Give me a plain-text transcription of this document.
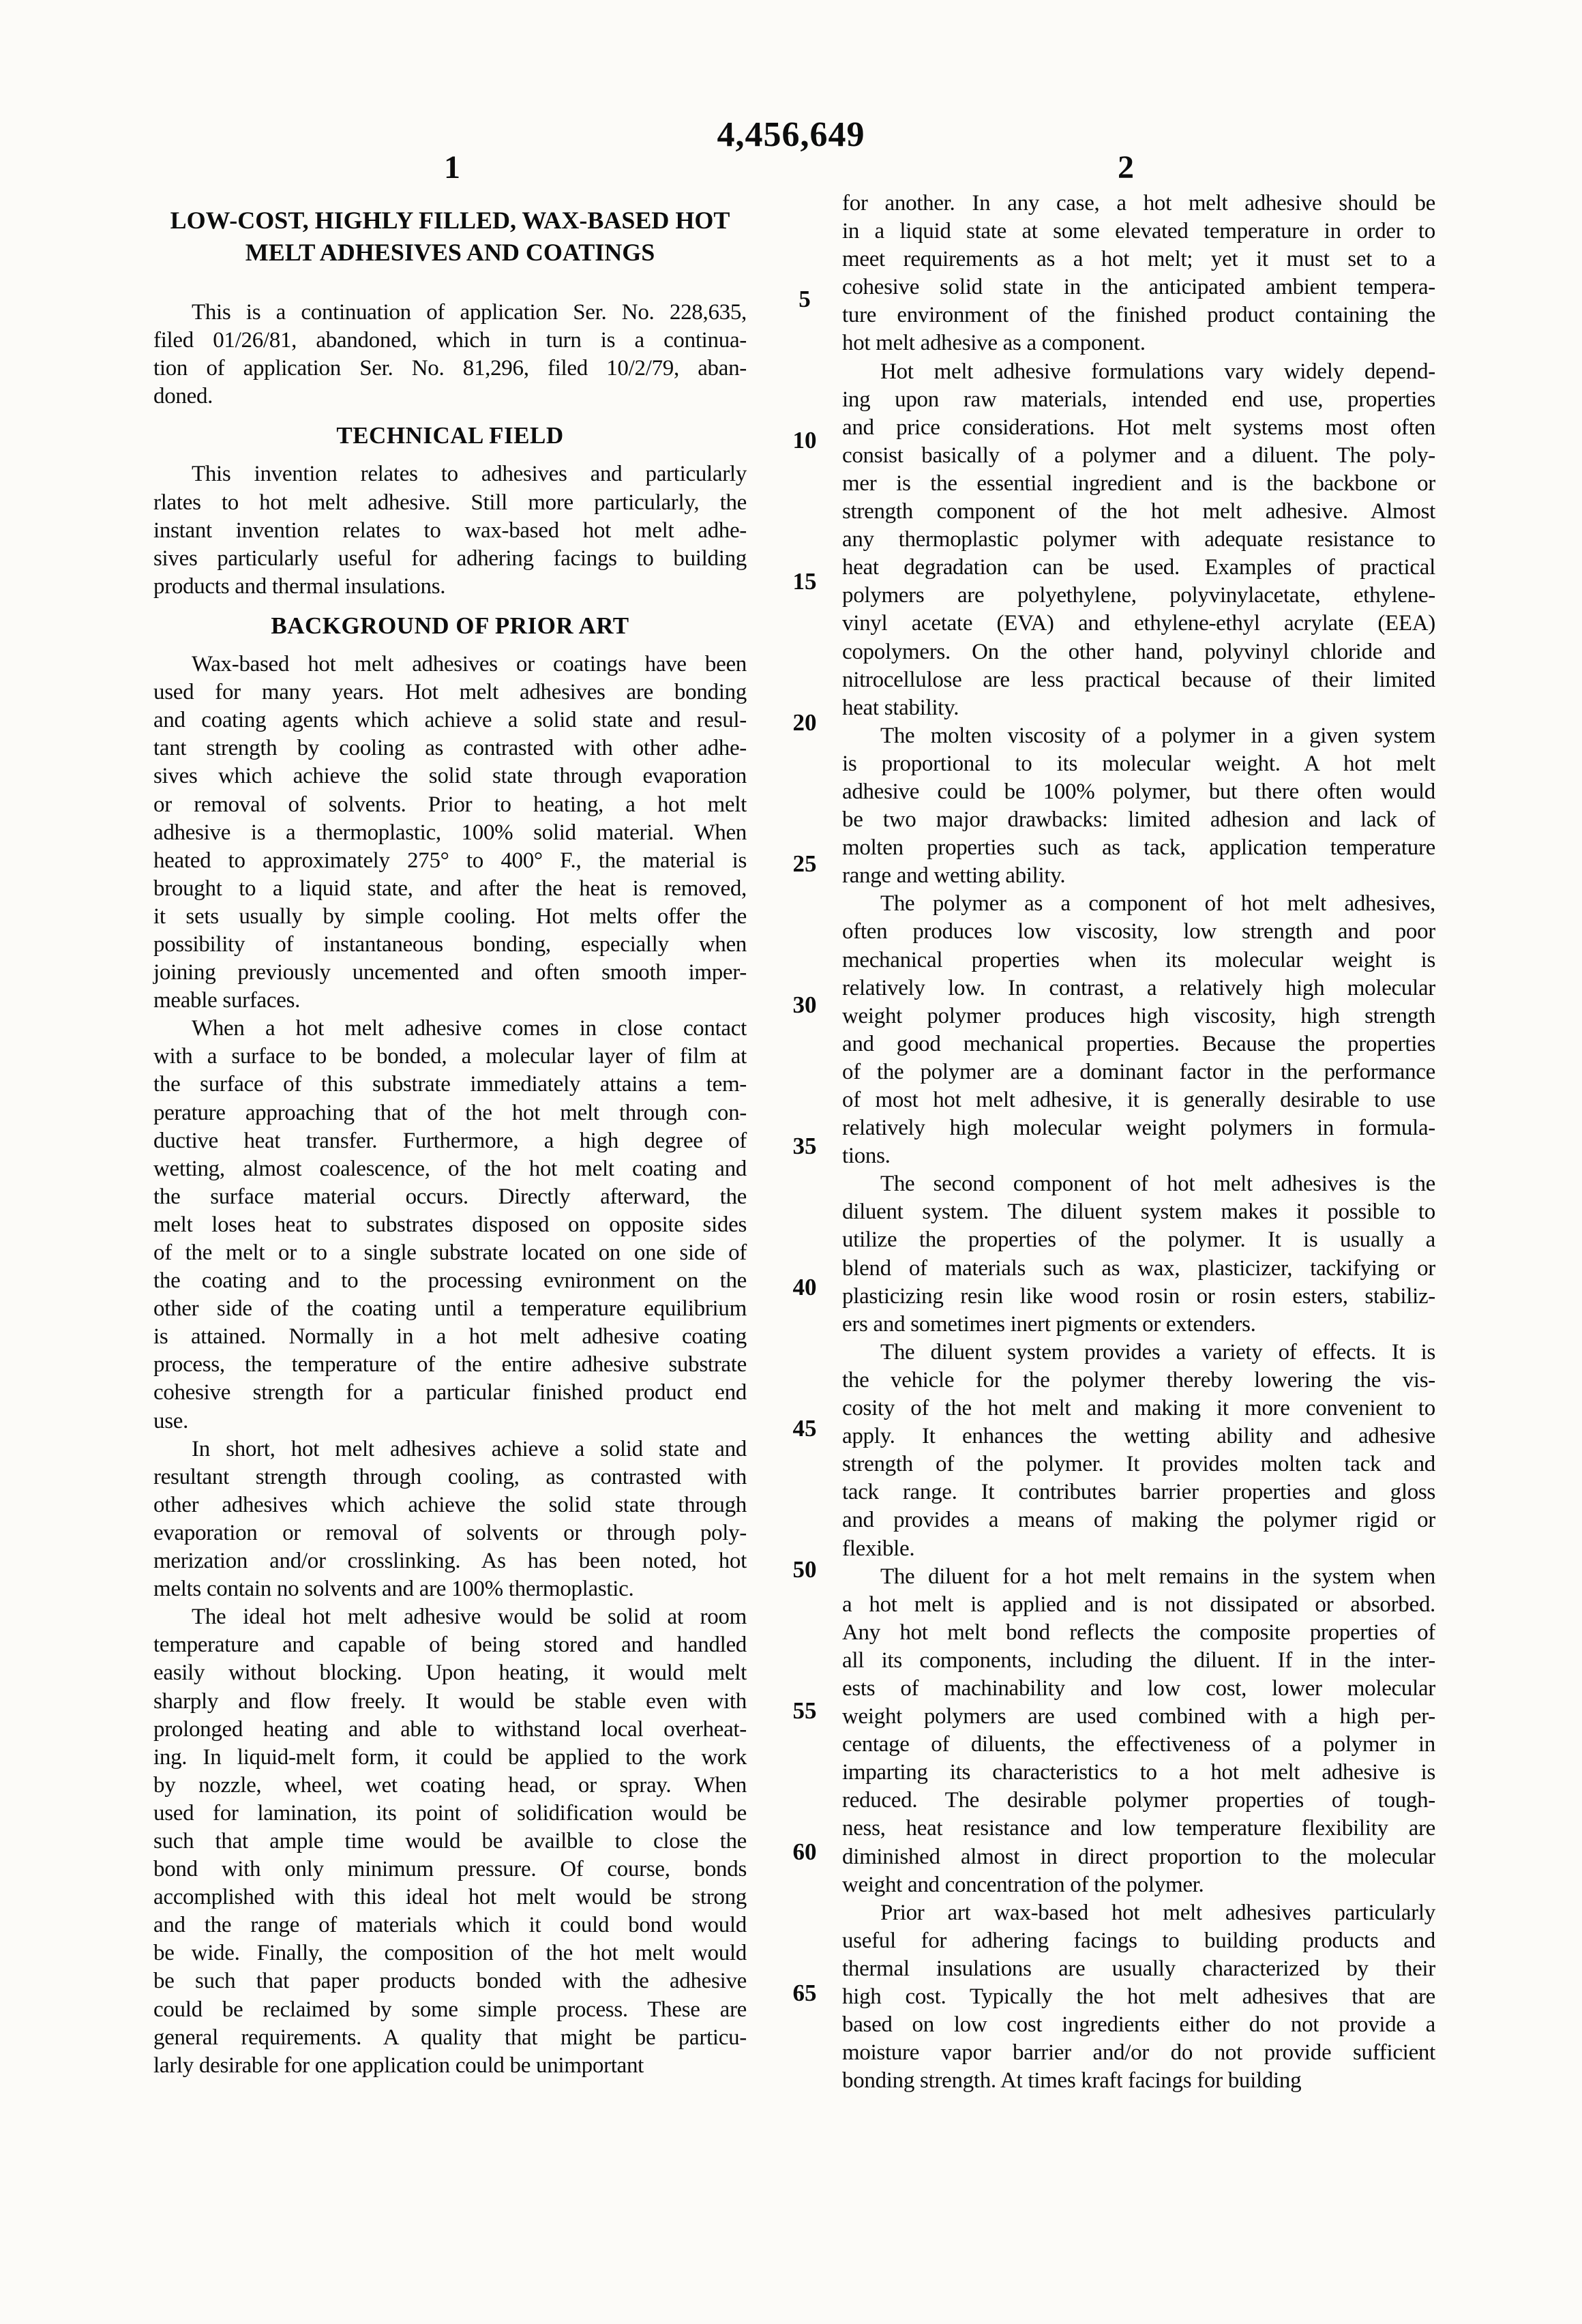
4,456,649
1	2
5
10
15
20
25
30
35
40
45
50
55
60
65
LOW-COST, HIGHLY FILLED, WAX-BASED HOT
MELT ADHESIVES AND COATINGS
This is a continuation of application Ser. No. 228,635,
filed 01/26/81, abandoned, which in turn is a continua-
tion of application Ser. No. 81,296, filed 10/2/79, aban-
doned.
TECHNICAL FIELD
This invention relates to adhesives and particularly
rlates to hot melt adhesive. Still more particularly, the
instant invention relates to wax-based hot melt adhe-
sives particularly useful for adhering facings to building
products and thermal insulations.
BACKGROUND OF PRIOR ART
Wax-based hot melt adhesives or coatings have been
used for many years. Hot melt adhesives are bonding
and coating agents which achieve a solid state and resul-
tant strength by cooling as contrasted with other adhe-
sives which achieve the solid state through evaporation
or removal of solvents. Prior to heating, a hot melt
adhesive is a thermoplastic, 100% solid material. When
heated to approximately 275° to 400° F., the material is
brought to a liquid state, and after the heat is removed,
it sets usually by simple cooling. Hot melts offer the
possibility of instantaneous bonding, especially when
joining previously uncemented and often smooth imper-
meable surfaces.
When a hot melt adhesive comes in close contact
with a surface to be bonded, a molecular layer of film at
the surface of this substrate immediately attains a tem-
perature approaching that of the hot melt through con-
ductive heat transfer. Furthermore, a high degree of
wetting, almost coalescence, of the hot melt coating and
the surface material occurs. Directly afterward, the
melt loses heat to substrates disposed on opposite sides
of the melt or to a single substrate located on one side of
the coating and to the processing evnironment on the
other side of the coating until a temperature equilibrium
is attained. Normally in a hot melt adhesive coating
process, the temperature of the entire adhesive substrate
cohesive strength for a particular finished product end
use.
In short, hot melt adhesives achieve a solid state and
resultant strength through cooling, as contrasted with
other adhesives which achieve the solid state through
evaporation or removal of solvents or through poly-
merization and/or crosslinking. As has been noted, hot
melts contain no solvents and are 100% thermoplastic.
The ideal hot melt adhesive would be solid at room
temperature and capable of being stored and handled
easily without blocking. Upon heating, it would melt
sharply and flow freely. It would be stable even with
prolonged heating and able to withstand local overheat-
ing. In liquid-melt form, it could be applied to the work
by nozzle, wheel, wet coating head, or spray. When
used for lamination, its point of solidification would be
such that ample time would be availble to close the
bond with only minimum pressure. Of course, bonds
accomplished with this ideal hot melt would be strong
and the range of materials which it could bond would
be wide. Finally, the composition of the hot melt would
be such that paper products bonded with the adhesive
could be reclaimed by some simple process. These are
general requirements. A quality that might be particu-
larly desirable for one application could be unimportant
for another. In any case, a hot melt adhesive should be
in a liquid state at some elevated temperature in order to
meet requirements as a hot melt; yet it must set to a
cohesive solid state in the anticipated ambient tempera-
ture environment of the finished product containing the
hot melt adhesive as a component.
Hot melt adhesive formulations vary widely depend-
ing upon raw materials, intended end use, properties
and price considerations. Hot melt systems most often
consist basically of a polymer and a diluent. The poly-
mer is the essential ingredient and is the backbone or
strength component of the hot melt adhesive. Almost
any thermoplastic polymer with adequate resistance to
heat degradation can be used. Examples of practical
polymers are polyethylene, polyvinylacetate, ethylene-
vinyl acetate (EVA) and ethylene-ethyl acrylate (EEA)
copolymers. On the other hand, polyvinyl chloride and
nitrocellulose are less practical because of their limited
heat stability.
The molten viscosity of a polymer in a given system
is proportional to its molecular weight. A hot melt
adhesive could be 100% polymer, but there often would
be two major drawbacks: limited adhesion and lack of
molten properties such as tack, application temperature
range and wetting ability.
The polymer as a component of hot melt adhesives,
often produces low viscosity, low strength and poor
mechanical properties when its molecular weight is
relatively low. In contrast, a relatively high molecular
weight polymer produces high viscosity, high strength
and good mechanical properties. Because the properties
of the polymer are a dominant factor in the performance
of most hot melt adhesive, it is generally desirable to use
relatively high molecular weight polymers in formula-
tions.
The second component of hot melt adhesives is the
diluent system. The diluent system makes it possible to
utilize the properties of the polymer. It is usually a
blend of materials such as wax, plasticizer, tackifying or
plasticizing resin like wood rosin or rosin esters, stabiliz-
ers and sometimes inert pigments or extenders.
The diluent system provides a variety of effects. It is
the vehicle for the polymer thereby lowering the vis-
cosity of the hot melt and making it more convenient to
apply. It enhances the wetting ability and adhesive
strength of the polymer. It provides molten tack and
tack range. It contributes barrier properties and gloss
and provides a means of making the polymer rigid or
flexible.
The diluent for a hot melt remains in the system when
a hot melt is applied and is not dissipated or absorbed.
Any hot melt bond reflects the composite properties of
all its components, including the diluent. If in the inter-
ests of machinability and low cost, lower molecular
weight polymers are used combined with a high per-
centage of diluents, the effectiveness of a polymer in
imparting its characteristics to a hot melt adhesive is
reduced. The desirable polymer properties of tough-
ness, heat resistance and low temperature flexibility are
diminished almost in direct proportion to the molecular
weight and concentration of the polymer.
Prior art wax-based hot melt adhesives particularly
useful for adhering facings to building products and
thermal insulations are usually characterized by their
high cost. Typically the hot melt adhesives that are
based on low cost ingredients either do not provide a
moisture vapor barrier and/or do not provide sufficient
bonding strength. At times kraft facings for building
